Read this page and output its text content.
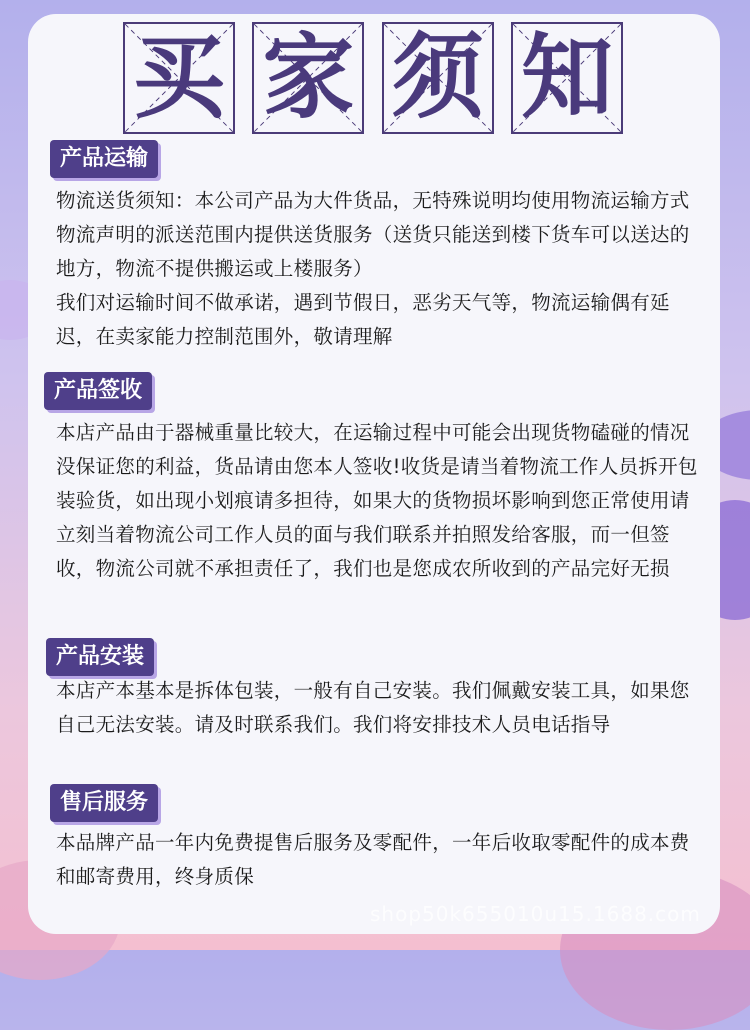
买 家 须 知
产品运输

物流送货须知：本公司产品为大件货品，无特殊说明均使用物流运输方式物流声明的派送范围内提供送货服务（送货只能送到楼下货车可以送达的地方，物流不提供搬运或上楼服务）

我们对运输时间不做承诺，遇到节假日，恶劣天气等，物流运输偶有延迟，在卖家能力控制范围外，敬请理解

产品签收

本店产品由于器械重量比较大，在运输过程中可能会出现货物磕碰的情况没保证您的利益，货品请由您本人签收!收货是请当着物流工作人员拆开包装验货，如出现小划痕请多担待，如果大的货物损坏影响到您正常使用请立刻当着物流公司工作人员的面与我们联系并拍照发给客服，而一但签收，物流公司就不承担责任了，我们也是您成农所收到的产品完好无损

产品安装

本店产本基本是拆体包装，一般有自己安装。我们佩戴安装工具，如果您自己无法安装。请及时联系我们。我们将安排技术人员电话指导

售后服务

本品牌产品一年内免费提售后服务及零配件，一年后收取零配件的成本费和邮寄费用，终身质保

shop50k655010u15.1688.com
